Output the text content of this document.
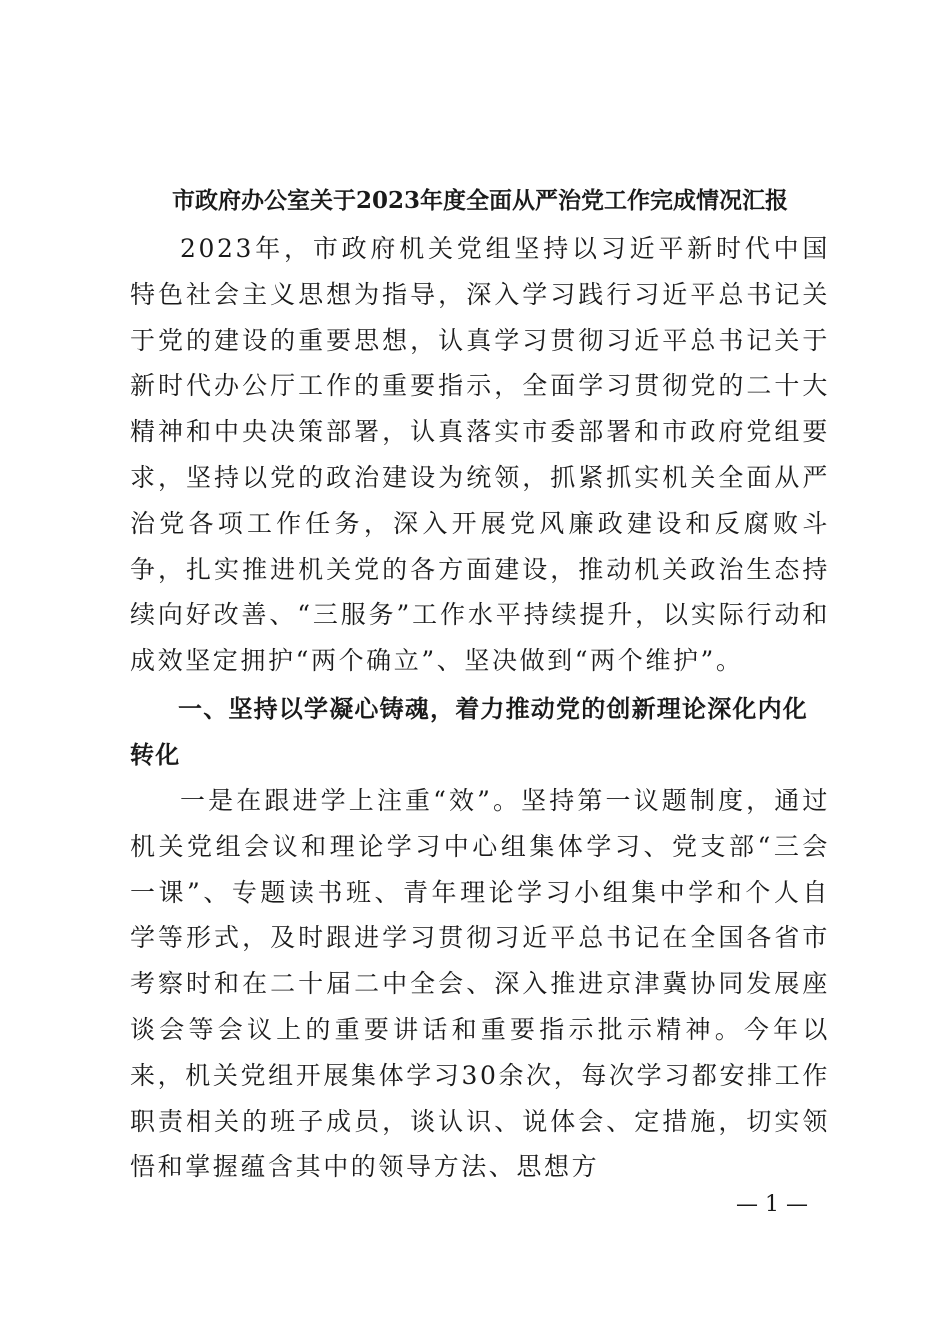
市政府办公室关于2023年度全面从严治党工作完成情况汇报

2023年，市政府机关党组坚持以习近平新时代中国特色社会主义思想为指导，深入学习践行习近平总书记关于党的建设的重要思想，认真学习贯彻习近平总书记关于新时代办公厅工作的重要指示，全面学习贯彻党的二十大精神和中央决策部署，认真落实市委部署和市政府党组要求，坚持以党的政治建设为统领，抓紧抓实机关全面从严治党各项工作任务，深入开展党风廉政建设和反腐败斗争，扎实推进机关党的各方面建设，推动机关政治生态持续向好改善、“三服务”工作水平持续提升，以实际行动和成效坚定拥护“两个确立”、坚决做到“两个维护”。

一、坚持以学凝心铸魂，着力推动党的创新理论深化内化转化

一是在跟进学上注重“效”。坚持第一议题制度，通过机关党组会议和理论学习中心组集体学习、党支部“三会一课”、专题读书班、青年理论学习小组集中学和个人自学等形式，及时跟进学习贯彻习近平总书记在全国各省市考察时和在二十届二中全会、深入推进京津冀协同发展座谈会等会议上的重要讲话和重要指示批示精神。今年以来，机关党组开展集体学习30余次，每次学习都安排工作职责相关的班子成员，谈认识、说体会、定措施，切实领悟和掌握蕴含其中的领导方法、思想方

— 1 —
